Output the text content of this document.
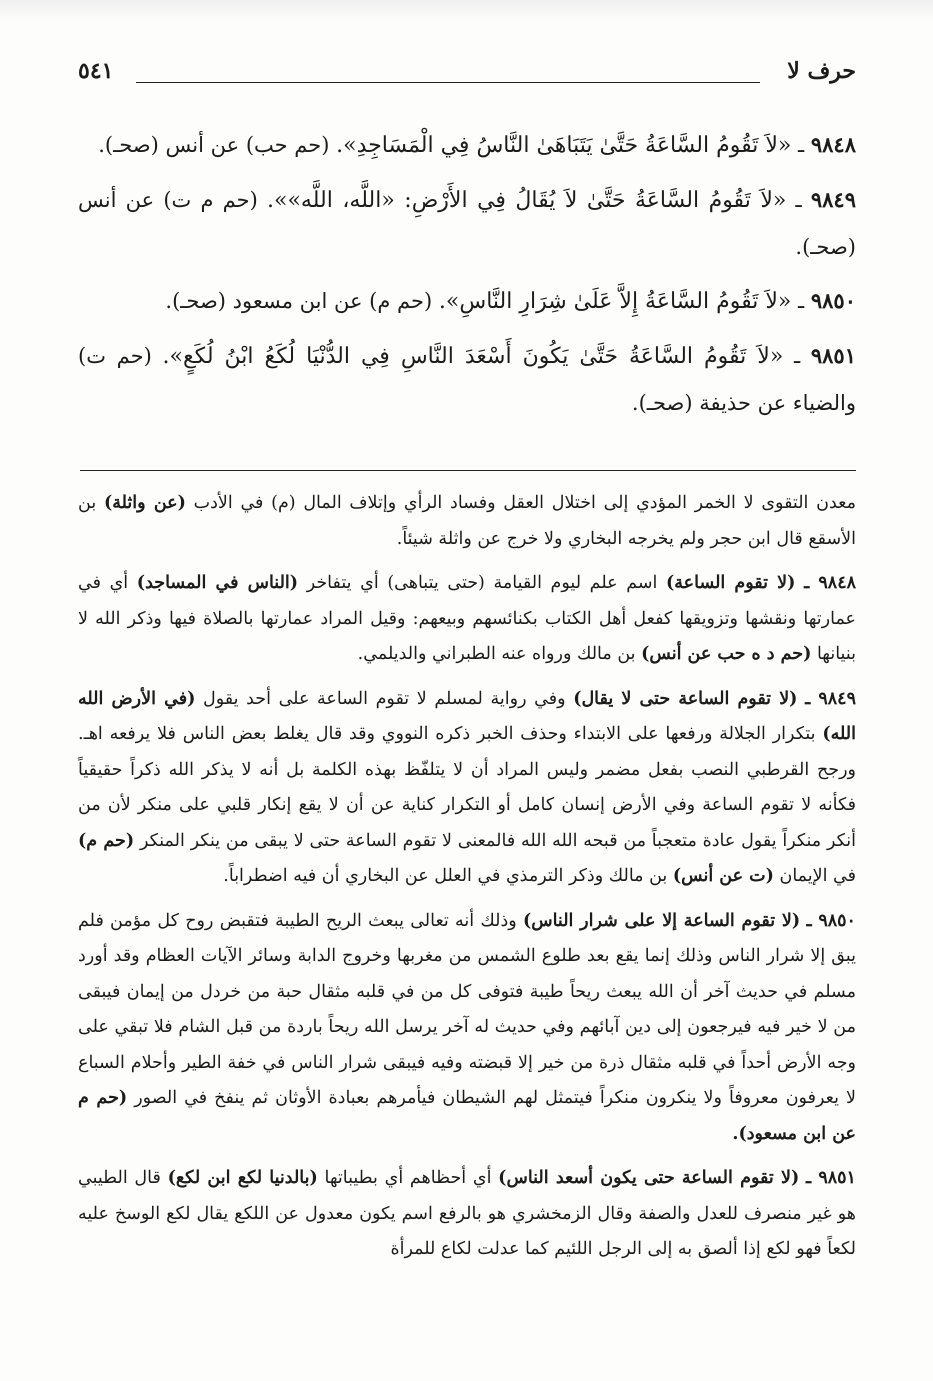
حرف لا
٥٤١

٩٨٤٨ ـ «لاَ تَقُومُ السَّاعَةُ حَتَّىٰ يَتَبَاهَىٰ النَّاسُ فِي الْمَسَاجِدِ». (حم حب) عن أنس (صحـ).

٩٨٤٩ ـ «لاَ تَقُومُ السَّاعَةُ حَتَّىٰ لاَ يُقَالُ فِي الأَرْضِ: «اللَّه، اللَّه»». (حم م ت) عن أنس (صحـ).

٩٨٥٠ ـ «لاَ تَقُومُ السَّاعَةُ إِلاَّ عَلَىٰ شِرَارِ النَّاسِ». (حم م) عن ابن مسعود (صحـ).

٩٨٥١ ـ «لاَ تَقُومُ السَّاعَةُ حَتَّىٰ يَكُونَ أَسْعَدَ النَّاسِ فِي الدُّنْيَا لُكَعُ ابْنُ لُكَعٍ». (حم ت) والضياء عن حذيفة (صحـ).

معدن التقوى لا الخمر المؤدي إلى اختلال العقل وفساد الرأي وإتلاف المال (م) في الأدب (عن واثلة) بن الأسقع قال ابن حجر ولم يخرجه البخاري ولا خرج عن واثلة شيئاً.

٩٨٤٨ ـ (لا تقوم الساعة) اسم علم ليوم القيامة (حتى يتباهى) أي يتفاخر (الناس في المساجد) أي في عمارتها ونقشها وتزويقها كفعل أهل الكتاب بكنائسهم وبيعهم: وقيل المراد عمارتها بالصلاة فيها وذكر الله لا بنيانها (حم د ه حب عن أنس) بن مالك ورواه عنه الطبراني والديلمي.

٩٨٤٩ ـ (لا تقوم الساعة حتى لا يقال) وفي رواية لمسلم لا تقوم الساعة على أحد يقول (في الأرض الله الله) بتكرار الجلالة ورفعها على الابتداء وحذف الخبر ذكره النووي وقد قال يغلط بعض الناس فلا يرفعه اهـ. ورجح القرطبي النصب بفعل مضمر وليس المراد أن لا يتلفّظ بهذه الكلمة بل أنه لا يذكر الله ذكراً حقيقياً فكأنه لا تقوم الساعة وفي الأرض إنسان كامل أو التكرار كناية عن أن لا يقع إنكار قلبي على منكر لأن من أنكر منكراً يقول عادة متعجباً من قبحه الله الله فالمعنى لا تقوم الساعة حتى لا يبقى من ينكر المنكر (حم م) في الإيمان (ت عن أنس) بن مالك وذكر الترمذي في العلل عن البخاري أن فيه اضطراباً.

٩٨٥٠ ـ (لا تقوم الساعة إلا على شرار الناس) وذلك أنه تعالى يبعث الريح الطيبة فتقبض روح كل مؤمن فلم يبق إلا شرار الناس وذلك إنما يقع بعد طلوع الشمس من مغربها وخروج الدابة وسائر الآيات العظام وقد أورد مسلم في حديث آخر أن الله يبعث ريحاً طيبة فتوفى كل من في قلبه مثقال حبة من خردل من إيمان فيبقى من لا خير فيه فيرجعون إلى دين آبائهم وفي حديث له آخر يرسل الله ريحاً باردة من قبل الشام فلا تبقي على وجه الأرض أحداً في قلبه مثقال ذرة من خير إلا قبضته وفيه فيبقى شرار الناس في خفة الطير وأحلام السباع لا يعرفون معروفاً ولا ينكرون منكراً فيتمثل لهم الشيطان فيأمرهم بعبادة الأوثان ثم ينفخ في الصور (حم م عن ابن مسعود).

٩٨٥١ ـ (لا تقوم الساعة حتى يكون أسعد الناس) أي أحظاهم أي بطيباتها (بالدنيا لكع ابن لكع) قال الطيبي هو غير منصرف للعدل والصفة وقال الزمخشري هو بالرفع اسم يكون معدول عن اللكع يقال لكع الوسخ عليه لكعاً فهو لكع إذا ألصق به إلى الرجل اللئيم كما عدلت لكاع للمرأة
